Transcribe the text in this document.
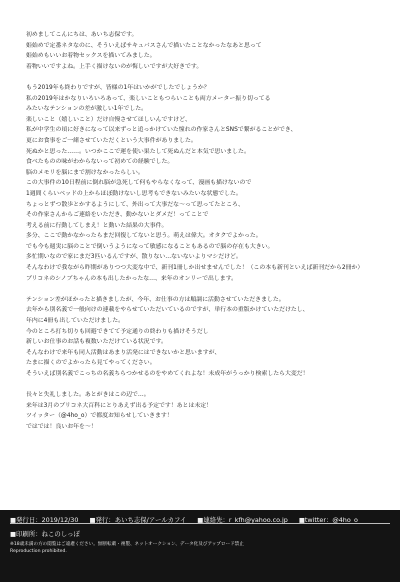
初めましてこんにちは、あいち志保です。
姫始めで定番ネタなのに、そういえばサキュバスさんで描いたことなかったなあと思って
姫始めもいいお着物セックスを描いてみました。
着物いいですよね。上手く描けないのが悔しいですが大好きです。
もう2019年も終わりですが、皆様の1年はいかがでしたでしょうか？
私の2019年はかなりいろいろあって、楽しいこともつらいことも両方メーター振り切ってる
みたいなテンションの差が激しい1年でした。
楽しいこと（嬉しいこと）だけ自慢させてほしいんですけど、
私が中学生の頃に好きになって以来ずっと追っかけていた憧れの作家さんとSNSで繋がることができ、
更にお食事をご一緒させていただくという大事件がありました。
死ぬかと思った……。いつかここで運を使い果たして死ぬんだと本気で思いました。
食べたものの味がわからないって初めての経験でした。
脳のメモリを脳にまで割けなかったらしい。
この大事件の10日程前に倒れ脳が急死して何もやらなくなって、漫画も描けないので
1週間くらいベッドの上からほぼ動けないし思考もできないみたいな状態でした。
ちょっとずつ散歩とかするようにして、外出って大事だな～って思ってたところ、
その作家さんからご連絡をいただき、動かないとダメだ！ってことで
考える前に行動してしまえ！と動いた結果の大事件。
多分、ここで動かなかったらまだ回復してないと思う。萌えは偉大。オタクでよかった。
でも今も週実に脳のことで倒いうようになって敏感になることもあるので脳の存在も大きい。
多忙期いなので家にまだ3匹いるんですが、散りない…ないないよりマシだけど。
そんなわけで我ながら昨期がありつつ大変な中で、新刊1冊しか出せませんでした！（この本も新刊といえば新刊だから2冊か）
ブリコネのシノブちゃんの本も出したかったな…、来年のオンリーで出します。
テンション差がほかったと描きましたが、今年、お仕事の方は順調に活動させていただきました。
去年から別名義で一般向けの連載をやらせていただいているのですが、単行本の重版かけていただけたし、
年内に4冊も出していただけました。
今のところ打ち切りも回避できてて予定通りの終わりも描けそうだし
新しいお仕事のお話も複数いただけている状況です。
そんなわけで来年も同人活動はあまり活発にはできないかと思いますが、
たまに描くのでよかったら見てやってください。
そういえば別名義でこっちの名義ちらつかせるのをやめてくれよな！未成年がうっかり検索したら大変だ！
長々と失礼しました。あとがきはこの辺で…。
来年は3月のブリコネ大百科にとりあえず出る予定です！あとは未定！
ツイッター（@4ho_o）で都度お知らせしていきます！
ではでは！良いお年を～！
■発行日：2019/12/30 ■発行：あいち志保/アールカフイ ■連絡先：r_kfh@yahoo.co.jp ■twitter：@4ho_o
■印刷所：ねこのしっぽ
※18歳未満の方の閲覧はご遠慮ください。無断転載・複製、ネットオークション、データ化及びアップロード禁止
Reproduction prohibited.
